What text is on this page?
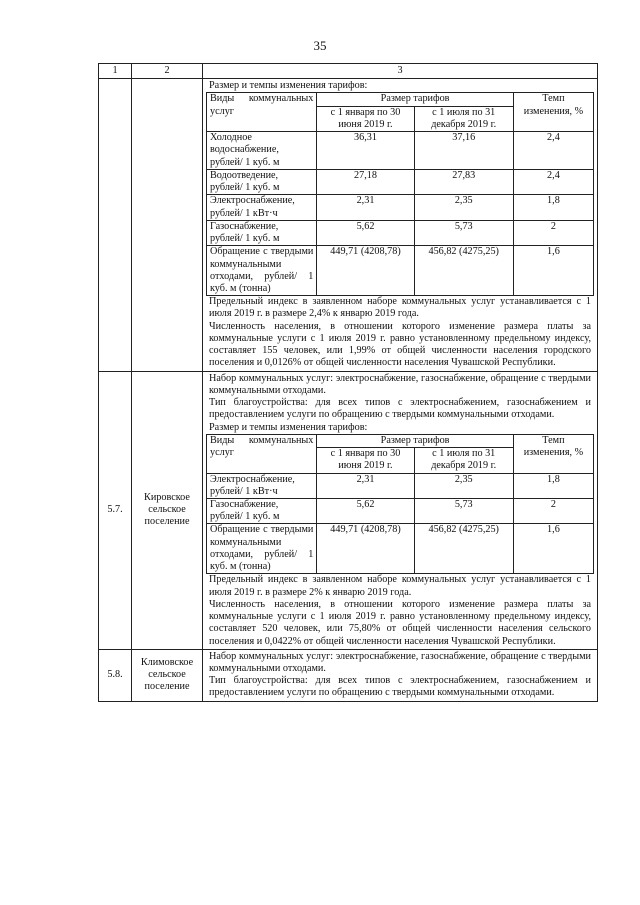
35
1	2	3

Размер и темпы изменения тарифов:
Виды коммунальных услуг	Размер тарифов	Темп изменения, %
с 1 января по 30 июня 2019 г.	с 1 июля по 31 декабря 2019 г.
Холодное водоснабжение, рублей/ 1 куб. м	36,31	37,16	2,4
Водоотведение, рублей/ 1 куб. м	27,18	27,83	2,4
Электроснабжение, рублей/ 1 кВт·ч	2,31	2,35	1,8
Газоснабжение, рублей/ 1 куб. м	5,62	5,73	2
Обращение с твердыми коммунальными отходами, рублей/ 1 куб. м (тонна)	449,71 (4208,78)	456,82 (4275,25)	1,6
Предельный индекс в заявленном наборе коммунальных услуг устанавливается с 1 июля 2019 г. в размере 2,4% к январю 2019 года.
Численность населения, в отношении которого изменение размера платы за коммунальные услуги с 1 июля 2019 г. равно установленному предельному индексу, составляет 155 человек, или 1,99% от общей численности населения городского поселения и 0,0126% от общей численности населения Чувашской Республики.

5.7.	Кировское сельское поселение	
Набор коммунальных услуг: электроснабжение, газоснабжение, обращение с твердыми коммунальными отходами.
Тип благоустройства: для всех типов с электроснабжением, газоснабжением и предоставлением услуги по обращению с твердыми коммунальными отходами.
Размер и темпы изменения тарифов:
Виды коммунальных услуг	Размер тарифов	Темп изменения, %
с 1 января по 30 июня 2019 г.	с 1 июля по 31 декабря 2019 г.
Электроснабжение, рублей/ 1 кВт·ч	2,31	2,35	1,8
Газоснабжение, рублей/ 1 куб. м	5,62	5,73	2
Обращение с твердыми коммунальными отходами, рублей/ 1 куб. м (тонна)	449,71 (4208,78)	456,82 (4275,25)	1,6
Предельный индекс в заявленном наборе коммунальных услуг устанавливается с 1 июля 2019 г. в размере 2% к январю 2019 года.
Численность населения, в отношении которого изменение размера платы за коммунальные услуги с 1 июля 2019 г. равно установленному предельному индексу, составляет 520 человек, или 75,80% от общей численности населения сельского поселения и 0,0422% от общей численности населения Чувашской Республики.

5.8.	Климовское сельское поселение	
Набор коммунальных услуг: электроснабжение, газоснабжение, обращение с твердыми коммунальными отходами.
Тип благоустройства: для всех типов с электроснабжением, газоснабжением и предоставлением услуги по обращению с твердыми коммунальными отходами.
